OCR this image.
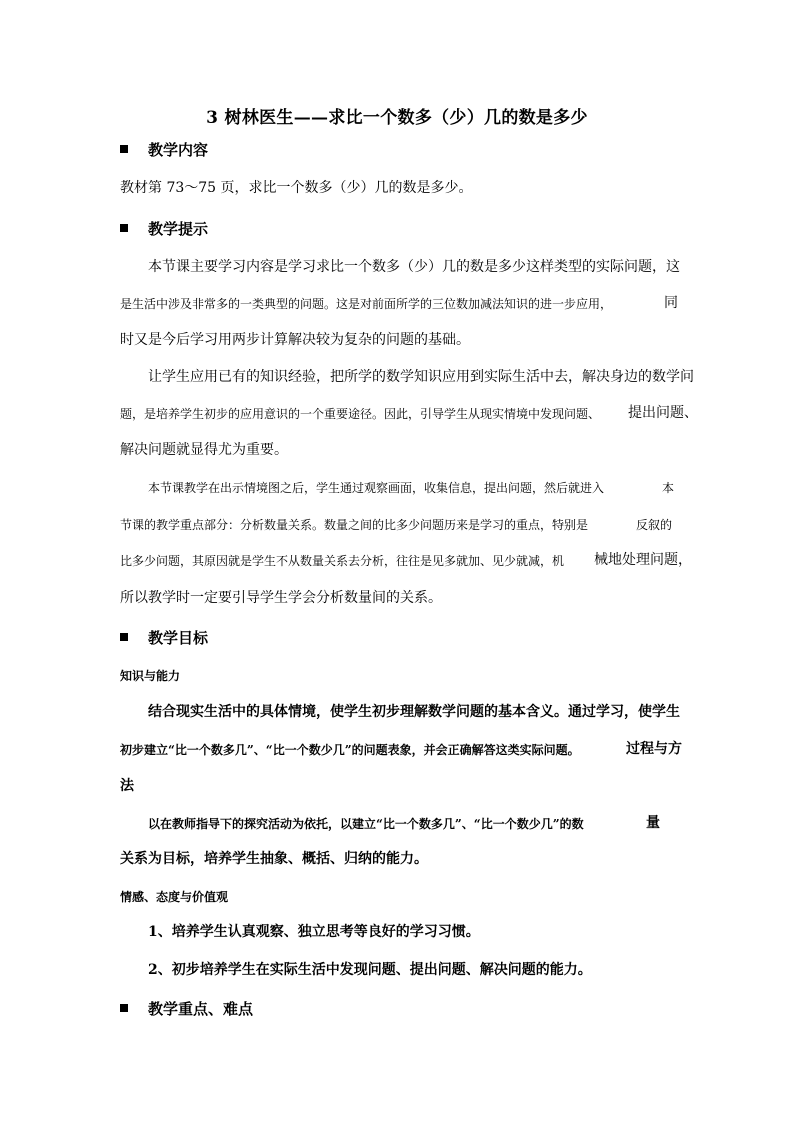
3 树林医生——求比一个数多（少）几的数是多少
教学内容
教材第 73～75 页，求比一个数多（少）几的数是多少。
教学提示
本节课主要学习内容是学习求比一个数多（少）几的数是多少这样类型的实际问题，这
是生活中涉及非常多的一类典型的问题。这是对前面所学的三位数加减法知识的进一步应用，	同
时又是今后学习用两步计算解决较为复杂的问题的基础。
让学生应用已有的知识经验，把所学的数学知识应用到实际生活中去，解决身边的数学问
题，是培养学生初步的应用意识的一个重要途径。因此，引导学生从现实情境中发现问题、 提出问题、
解决问题就显得尤为重要。
本节课教学在出示情境图之后，学生通过观察画面，收集信息，提出问题，然后就进入	本
节课的教学重点部分：分析数量关系。数量之间的比多少问题历来是学习的重点，特别是	反叙的
比多少问题，其原因就是学生不从数量关系去分析，往往是见多就加、见少就减，机 械地处理问题，
所以教学时一定要引导学生学会分析数量间的关系。
教学目标
知识与能力
结合现实生活中的具体情境，使学生初步理解数学问题的基本含义。通过学习，使学生
初步建立“比一个数多几”、“比一个数少几”的问题表象，并会正确解答这类实际问题。	过程与方
法
以在教师指导下的探究活动为依托，以建立“比一个数多几”、“比一个数少几”的数	量
关系为目标，培养学生抽象、概括、归纳的能力。
情感、态度与价值观
1、培养学生认真观察、独立思考等良好的学习习惯。
2、初步培养学生在实际生活中发现问题、提出问题、解决问题的能力。
教学重点、难点
